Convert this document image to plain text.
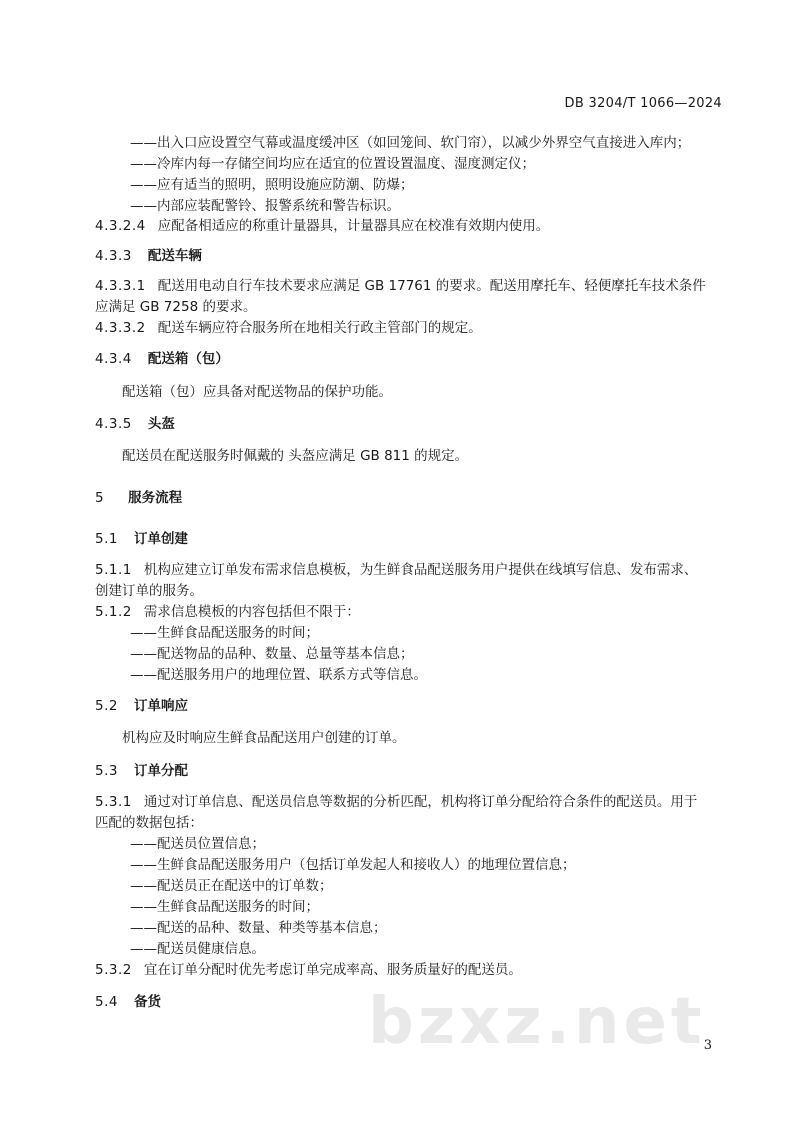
DB 3204/T 1066—2024
——出入口应设置空气幕或温度缓冲区（如回笼间、软门帘），以减少外界空气直接进入库内；
——冷库内每一存储空间均应在适宜的位置设置温度、湿度测定仪；
——应有适当的照明，照明设施应防潮、防爆；
——内部应装配警铃、报警系统和警告标识。
4.3.2.4 应配备相适应的称重计量器具，计量器具应在校准有效期内使用。
4.3.3 配送车辆
4.3.3.1 配送用电动自行车技术要求应满足 GB 17761 的要求。配送用摩托车、轻便摩托车技术条件
应满足 GB 7258 的要求。
4.3.3.2 配送车辆应符合服务所在地相关行政主管部门的规定。
4.3.4 配送箱（包）
配送箱（包）应具备对配送物品的保护功能。
4.3.5 头盔
配送员在配送服务时佩戴的 头盔应满足 GB 811 的规定。
5 服务流程
5.1 订单创建
5.1.1 机构应建立订单发布需求信息模板，为生鲜食品配送服务用户提供在线填写信息、发布需求、
创建订单的服务。
5.1.2 需求信息模板的内容包括但不限于：
——生鲜食品配送服务的时间；
——配送物品的品种、数量、总量等基本信息；
——配送服务用户的地理位置、联系方式等信息。
5.2 订单响应
机构应及时响应生鲜食品配送用户创建的订单。
5.3 订单分配
5.3.1 通过对订单信息、配送员信息等数据的分析匹配，机构将订单分配给符合条件的配送员。用于
匹配的数据包括：
——配送员位置信息；
——生鲜食品配送服务用户（包括订单发起人和接收人）的地理位置信息；
——配送员正在配送中的订单数；
——生鲜食品配送服务的时间；
——配送的品种、数量、种类等基本信息；
——配送员健康信息。
5.3.2 宜在订单分配时优先考虑订单完成率高、服务质量好的配送员。
5.4 备货	bzxz.net
3
